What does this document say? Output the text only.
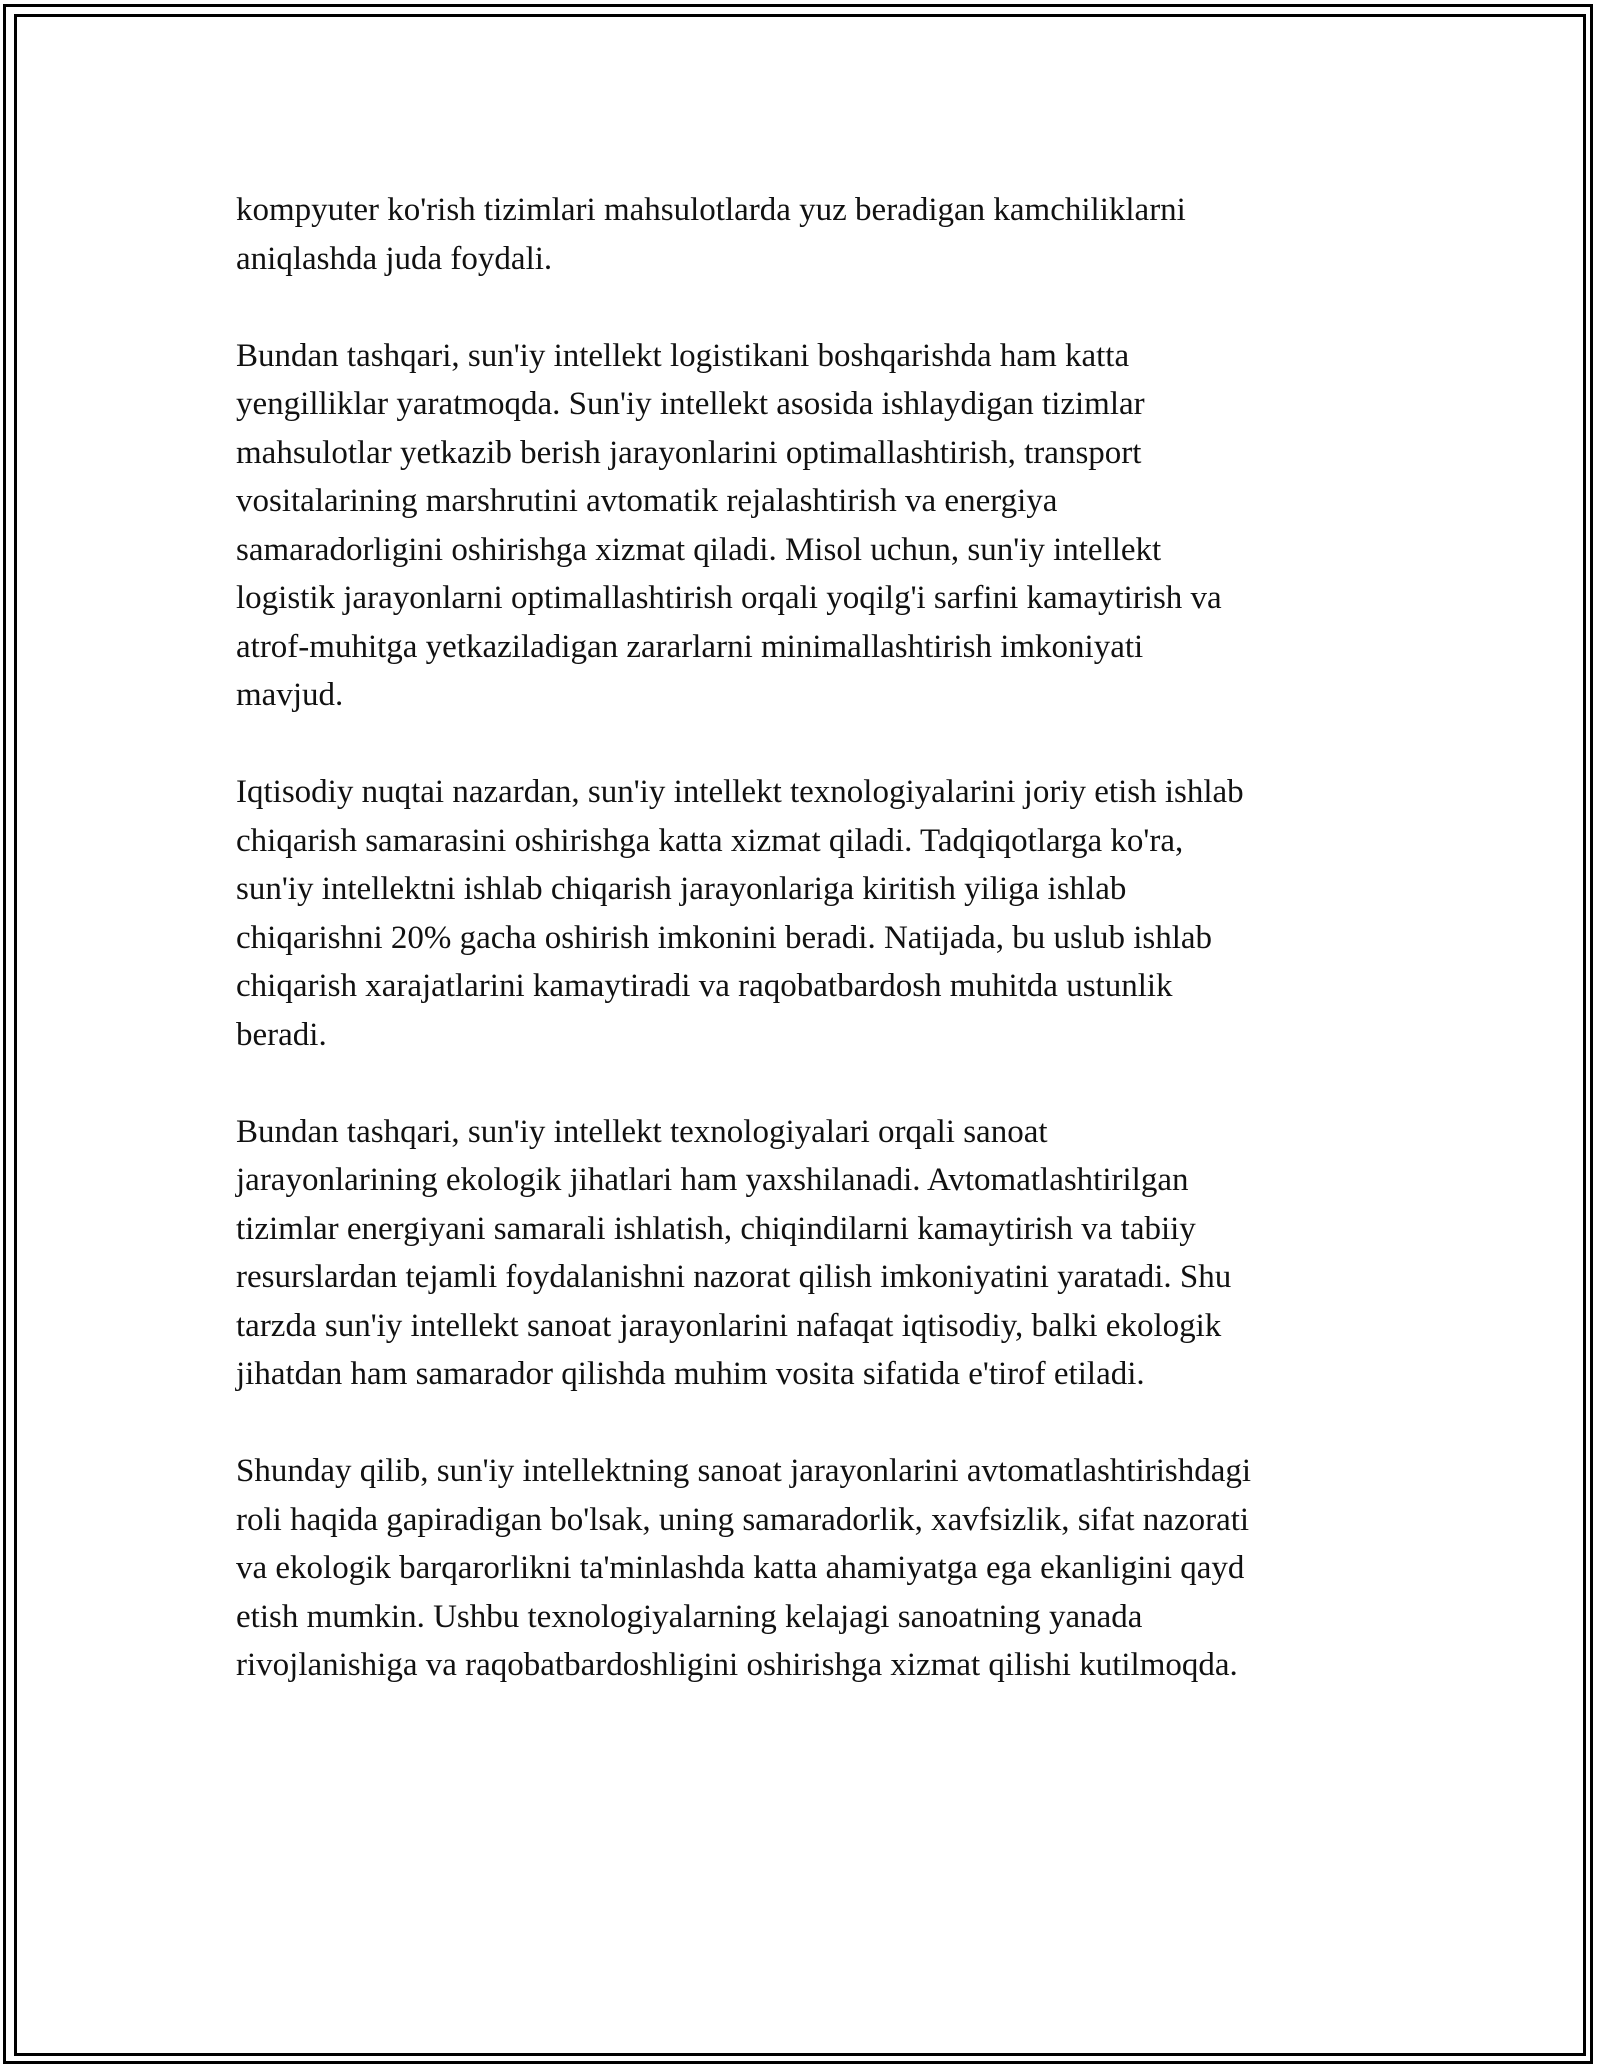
kompyuter ko'rish tizimlari mahsulotlarda yuz beradigan kamchiliklarni
aniqlashda juda foydali.

Bundan tashqari, sun'iy intellekt logistikani boshqarishda ham katta
yengilliklar yaratmoqda. Sun'iy intellekt asosida ishlaydigan tizimlar
mahsulotlar yetkazib berish jarayonlarini optimallashtirish, transport
vositalarining marshrutini avtomatik rejalashtirish va energiya
samaradorligini oshirishga xizmat qiladi. Misol uchun, sun'iy intellekt
logistik jarayonlarni optimallashtirish orqali yoqilg'i sarfini kamaytirish va
atrof-muhitga yetkaziladigan zararlarni minimallashtirish imkoniyati
mavjud.

Iqtisodiy nuqtai nazardan, sun'iy intellekt texnologiyalarini joriy etish ishlab
chiqarish samarasini oshirishga katta xizmat qiladi. Tadqiqotlarga ko'ra,
sun'iy intellektni ishlab chiqarish jarayonlariga kiritish yiliga ishlab
chiqarishni 20% gacha oshirish imkonini beradi. Natijada, bu uslub ishlab
chiqarish xarajatlarini kamaytiradi va raqobatbardosh muhitda ustunlik
beradi.

Bundan tashqari, sun'iy intellekt texnologiyalari orqali sanoat
jarayonlarining ekologik jihatlari ham yaxshilanadi. Avtomatlashtirilgan
tizimlar energiyani samarali ishlatish, chiqindilarni kamaytirish va tabiiy
resurslardan tejamli foydalanishni nazorat qilish imkoniyatini yaratadi. Shu
tarzda sun'iy intellekt sanoat jarayonlarini nafaqat iqtisodiy, balki ekologik
jihatdan ham samarador qilishda muhim vosita sifatida e'tirof etiladi.

Shunday qilib, sun'iy intellektning sanoat jarayonlarini avtomatlashtirishdagi
roli haqida gapiradigan bo'lsak, uning samaradorlik, xavfsizlik, sifat nazorati
va ekologik barqarorlikni ta'minlashda katta ahamiyatga ega ekanligini qayd
etish mumkin. Ushbu texnologiyalarning kelajagi sanoatning yanada
rivojlanishiga va raqobatbardoshligini oshirishga xizmat qilishi kutilmoqda.
